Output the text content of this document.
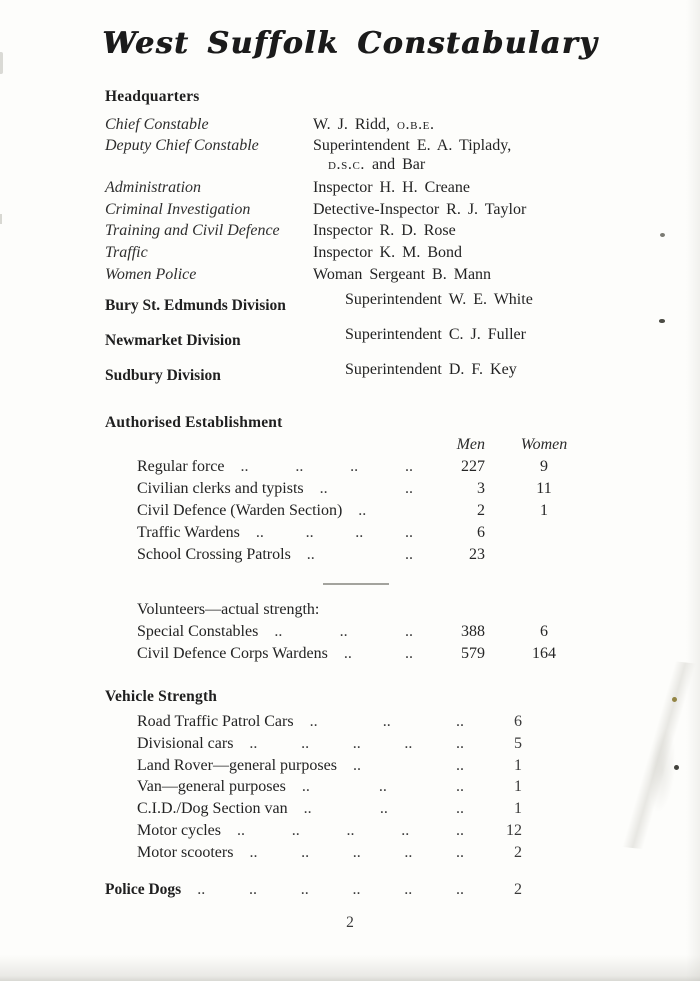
West Suffolk Constabulary
Headquarters
Chief Constable	W. J. Ridd, o.b.e.
Deputy Chief Constable	Superintendent E. A. Tiplady,
d.s.c. and Bar
Administration	Inspector H. H. Creane
Criminal Investigation	Detective-Inspector R. J. Taylor
Training and Civil Defence	Inspector R. D. Rose
Traffic	Inspector K. M. Bond
Women Police	Woman Sergeant B. Mann
Bury St. Edmunds Division	Superintendent W. E. White
Newmarket Division	Superintendent C. J. Fuller
Sudbury Division	Superintendent D. F. Key
Authorised Establishment
Men	Women
Regular force	.. .. .. ..	227	9
Civilian clerks and typists	.. ..	3	11
Civil Defence (Warden Section)	..	2	1
Traffic Wardens	.. .. .. ..	6
School Crossing Patrols	.. ..	23
Volunteers—actual strength:
Special Constables	.. .. ..	388	6
Civil Defence Corps Wardens	.. ..	579	164
Vehicle Strength
Road Traffic Patrol Cars	.. .. ..	6
Divisional cars	.. .. .. .. ..	5
Land Rover—general purposes	.. ..	1
Van—general purposes	.. .. ..	1
C.I.D./Dog Section van	.. .. ..	1
Motor cycles	.. .. .. .. ..	12
Motor scooters	.. .. .. .. ..	2
Police Dogs	.. .. .. .. .. ..	2
2
